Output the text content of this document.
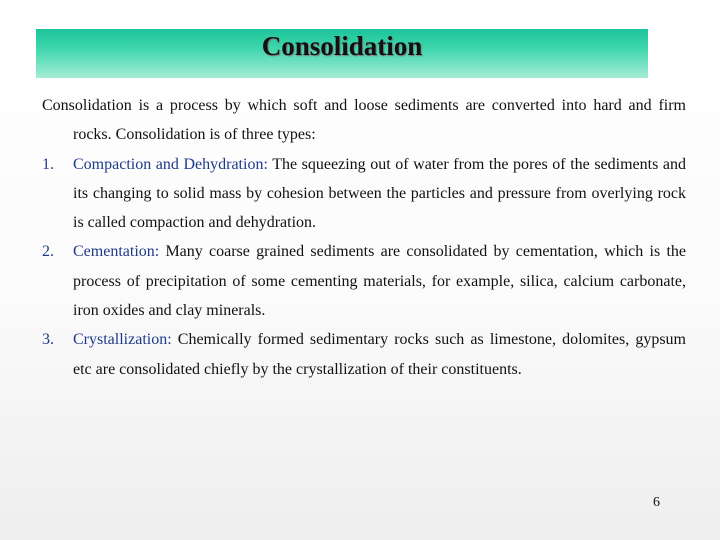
Consolidation

Consolidation is a process by which soft and loose sediments are converted into hard and firm rocks. Consolidation is of three types:

1. Compaction and Dehydration: The squeezing out of water from the pores of the sediments and its changing to solid mass by cohesion between the particles and pressure from overlying rock is called compaction and dehydration.

2. Cementation: Many coarse grained sediments are consolidated by cementation, which is the process of precipitation of some cementing materials, for example, silica, calcium carbonate, iron oxides and clay minerals.

3. Crystallization: Chemically formed sedimentary rocks such as limestone, dolomites, gypsum etc are consolidated chiefly by the crystallization of their constituents.

6
